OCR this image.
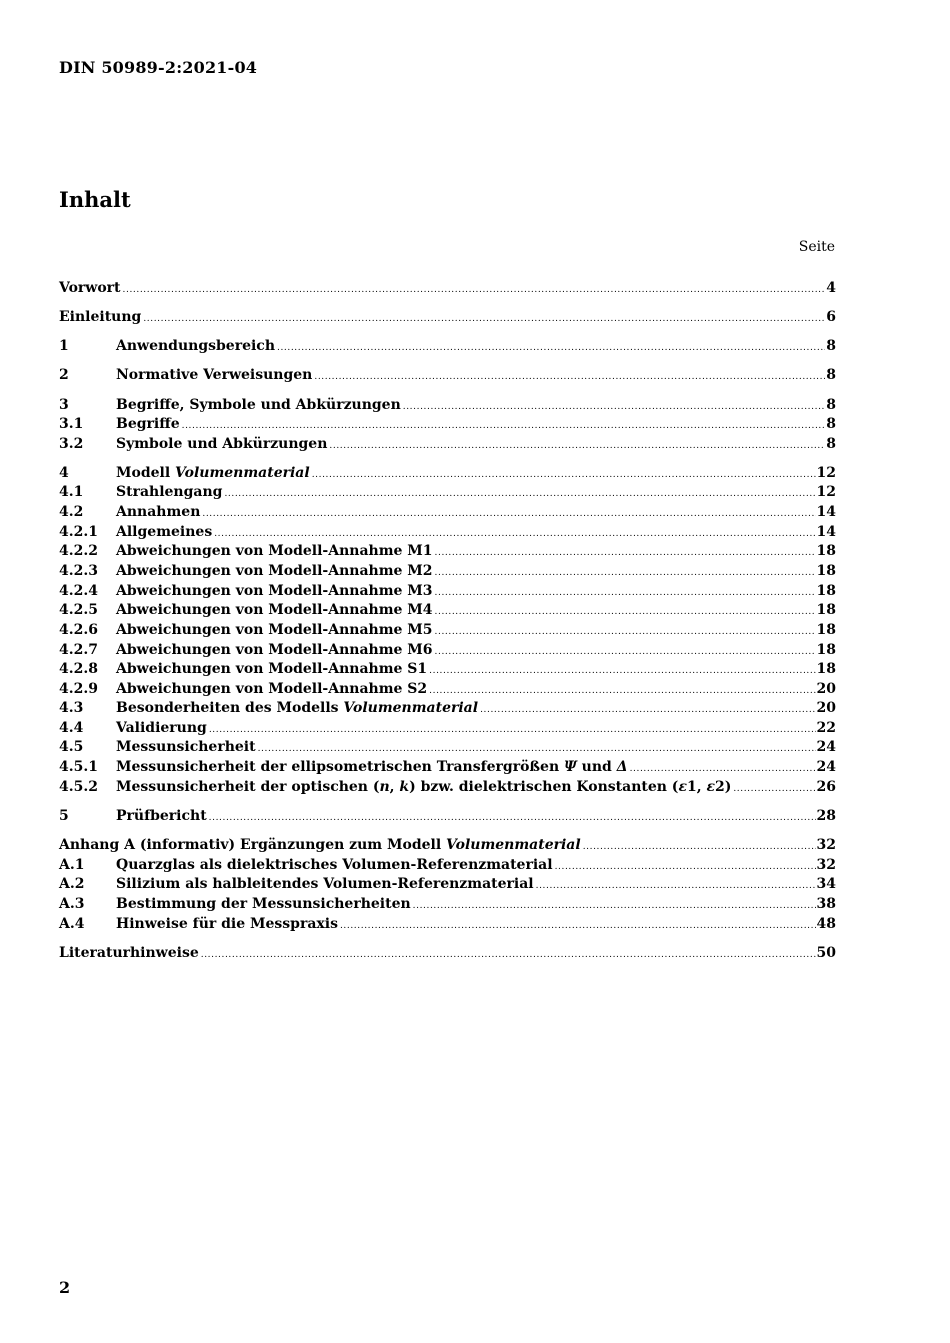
DIN 50989-2:2021-04
Inhalt
Seite
Vorwort .....	4
Einleitung .....	6
1	Anwendungsbereich .....	8
2	Normative Verweisungen .....	8
3	Begriffe, Symbole und Abkürzungen .....	8
3.1	Begriffe .....	8
3.2	Symbole und Abkürzungen .....	8
4	Modell Volumenmaterial .....	12
4.1	Strahlengang .....	12
4.2	Annahmen .....	14
4.2.1	Allgemeines .....	14
4.2.2	Abweichungen von Modell-Annahme M1 .....	18
4.2.3	Abweichungen von Modell-Annahme M2 .....	18
4.2.4	Abweichungen von Modell-Annahme M3 .....	18
4.2.5	Abweichungen von Modell-Annahme M4 .....	18
4.2.6	Abweichungen von Modell-Annahme M5 .....	18
4.2.7	Abweichungen von Modell-Annahme M6 .....	18
4.2.8	Abweichungen von Modell-Annahme S1 .....	18
4.2.9	Abweichungen von Modell-Annahme S2 .....	20
4.3	Besonderheiten des Modells Volumenmaterial .....	20
4.4	Validierung .....	22
4.5	Messunsicherheit .....	24
4.5.1	Messunsicherheit der ellipsometrischen Transfergrößen Ψ und Δ .....	24
4.5.2	Messunsicherheit der optischen (n, k) bzw. dielektrischen Konstanten (ε1, ε2) .....	26
5	Prüfbericht .....	28
Anhang A (informativ) Ergänzungen zum Modell Volumenmaterial .....	32
A.1	Quarzglas als dielektrisches Volumen-Referenzmaterial .....	32
A.2	Silizium als halbleitendes Volumen-Referenzmaterial .....	34
A.3	Bestimmung der Messunsicherheiten .....	38
A.4	Hinweise für die Messpraxis .....	48
Literaturhinweise .....	50
2
